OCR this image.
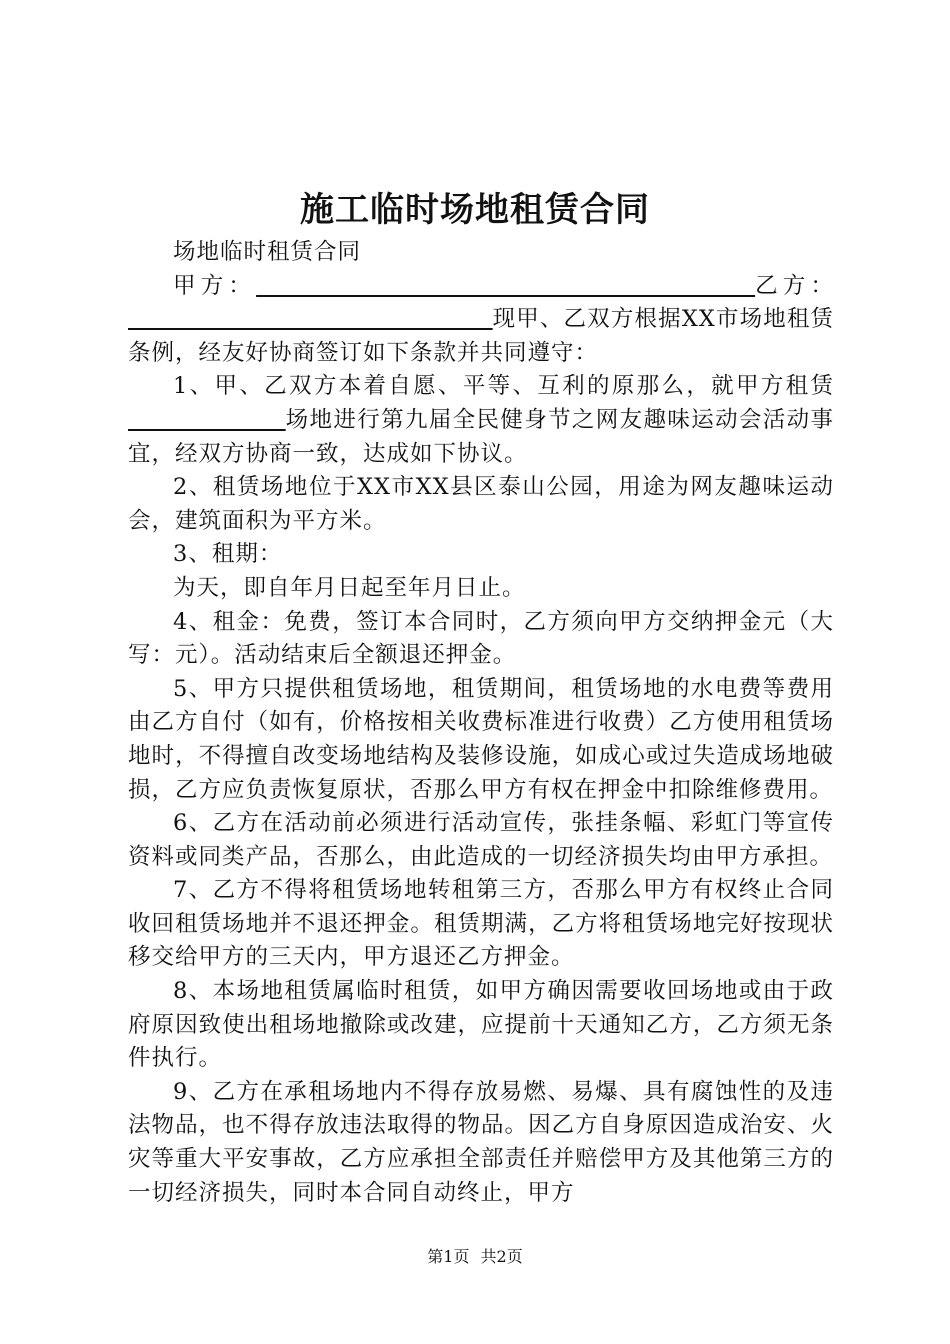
施工临时场地租赁合同

场地临时租赁合同

甲方：	乙方：                                                  现甲、乙双方根据XX市场地租赁条例，经友好协商签订如下条款并共同遵守：

1、甲、乙双方本着自愿、平等、互利的原那么，就甲方租赁                     场地进行第九届全民健身节之网友趣味运动会活动事宜，经双方协商一致，达成如下协议。

2、租赁场地位于XX市XX县区泰山公园，用途为网友趣味运动会，建筑面积为平方米。

3、租期：

为天，即自年月日起至年月日止。

4、租金：免费，签订本合同时，乙方须向甲方交纳押金元（大写：元）。活动结束后全额退还押金。

5、甲方只提供租赁场地，租赁期间，租赁场地的水电费等费用由乙方自付（如有，价格按相关收费标准进行收费）乙方使用租赁场地时，不得擅自改变场地结构及装修设施，如成心或过失造成场地破损，乙方应负责恢复原状，否那么甲方有权在押金中扣除维修费用。

6、乙方在活动前必须进行活动宣传，张挂条幅、彩虹门等宣传资料或同类产品，否那么，由此造成的一切经济损失均由甲方承担。

7、乙方不得将租赁场地转租第三方，否那么甲方有权终止合同收回租赁场地并不退还押金。租赁期满，乙方将租赁场地完好按现状移交给甲方的三天内，甲方退还乙方押金。

8、本场地租赁属临时租赁，如甲方确因需要收回场地或由于政府原因致使出租场地撤除或改建，应提前十天通知乙方，乙方须无条件执行。

9、乙方在承租场地内不得存放易燃、易爆、具有腐蚀性的及违法物品，也不得存放违法取得的物品。因乙方自身原因造成治安、火灾等重大平安事故，乙方应承担全部责任并赔偿甲方及其他第三方的一切经济损失，同时本合同自动终止，甲方

第1页 共2页
